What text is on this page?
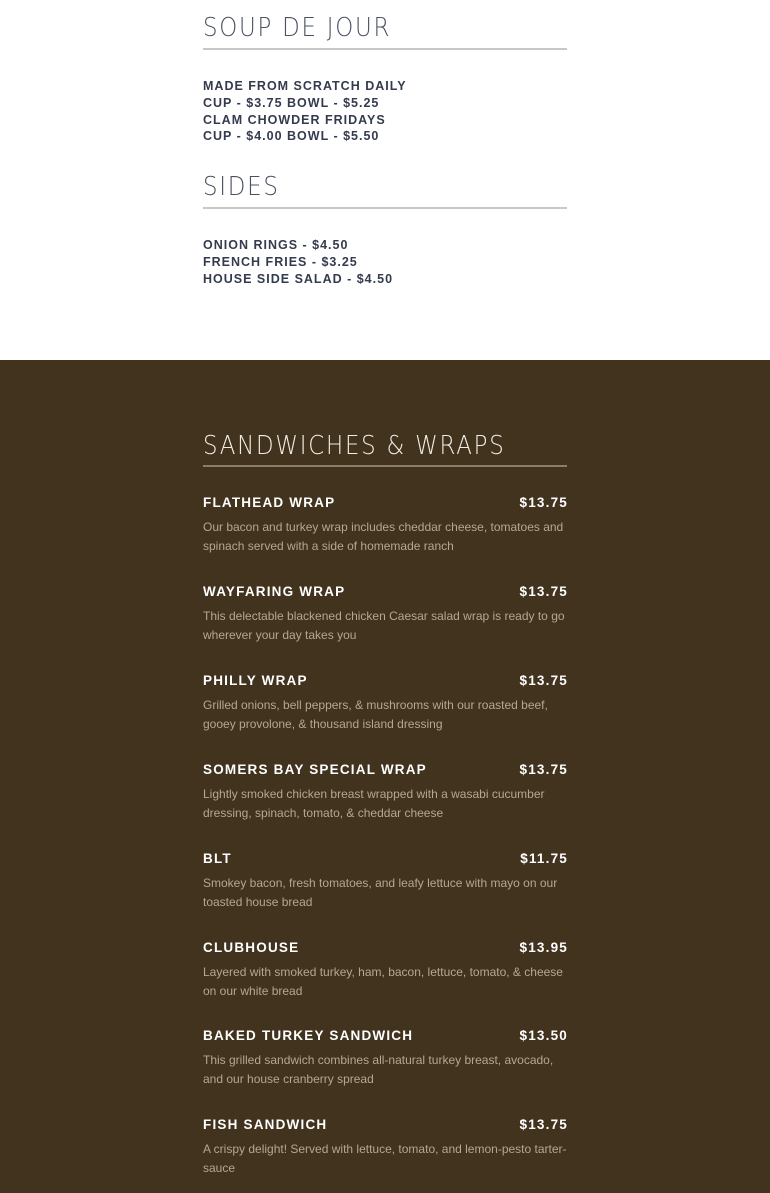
SOUP DE JOUR
MADE FROM SCRATCH DAILY
CUP - $3.75 BOWL - $5.25
CLAM CHOWDER FRIDAYS
CUP - $4.00 BOWL - $5.50
SIDES
ONION RINGS - $4.50
FRENCH FRIES - $3.25
HOUSE SIDE SALAD - $4.50
SANDWICHES & WRAPS
FLATHEAD WRAP	$13.75
Our bacon and turkey wrap includes cheddar cheese, tomatoes and spinach served with a side of homemade ranch
WAYFARING WRAP	$13.75
This delectable blackened chicken Caesar salad wrap is ready to go wherever your day takes you
PHILLY WRAP	$13.75
Grilled onions, bell peppers, & mushrooms with our roasted beef, gooey provolone, & thousand island dressing
SOMERS BAY SPECIAL WRAP	$13.75
Lightly smoked chicken breast wrapped with a wasabi cucumber dressing, spinach, tomato, & cheddar cheese
BLT	$11.75
Smokey bacon, fresh tomatoes, and leafy lettuce with mayo on our toasted house bread
CLUBHOUSE	$13.95
Layered with smoked turkey, ham, bacon, lettuce, tomato, & cheese on our white bread
BAKED TURKEY SANDWICH	$13.50
This grilled sandwich combines all-natural turkey breast, avocado, and our house cranberry spread
FISH SANDWICH	$13.75
A crispy delight! Served with lettuce, tomato, and lemon-pesto tarter-sauce
